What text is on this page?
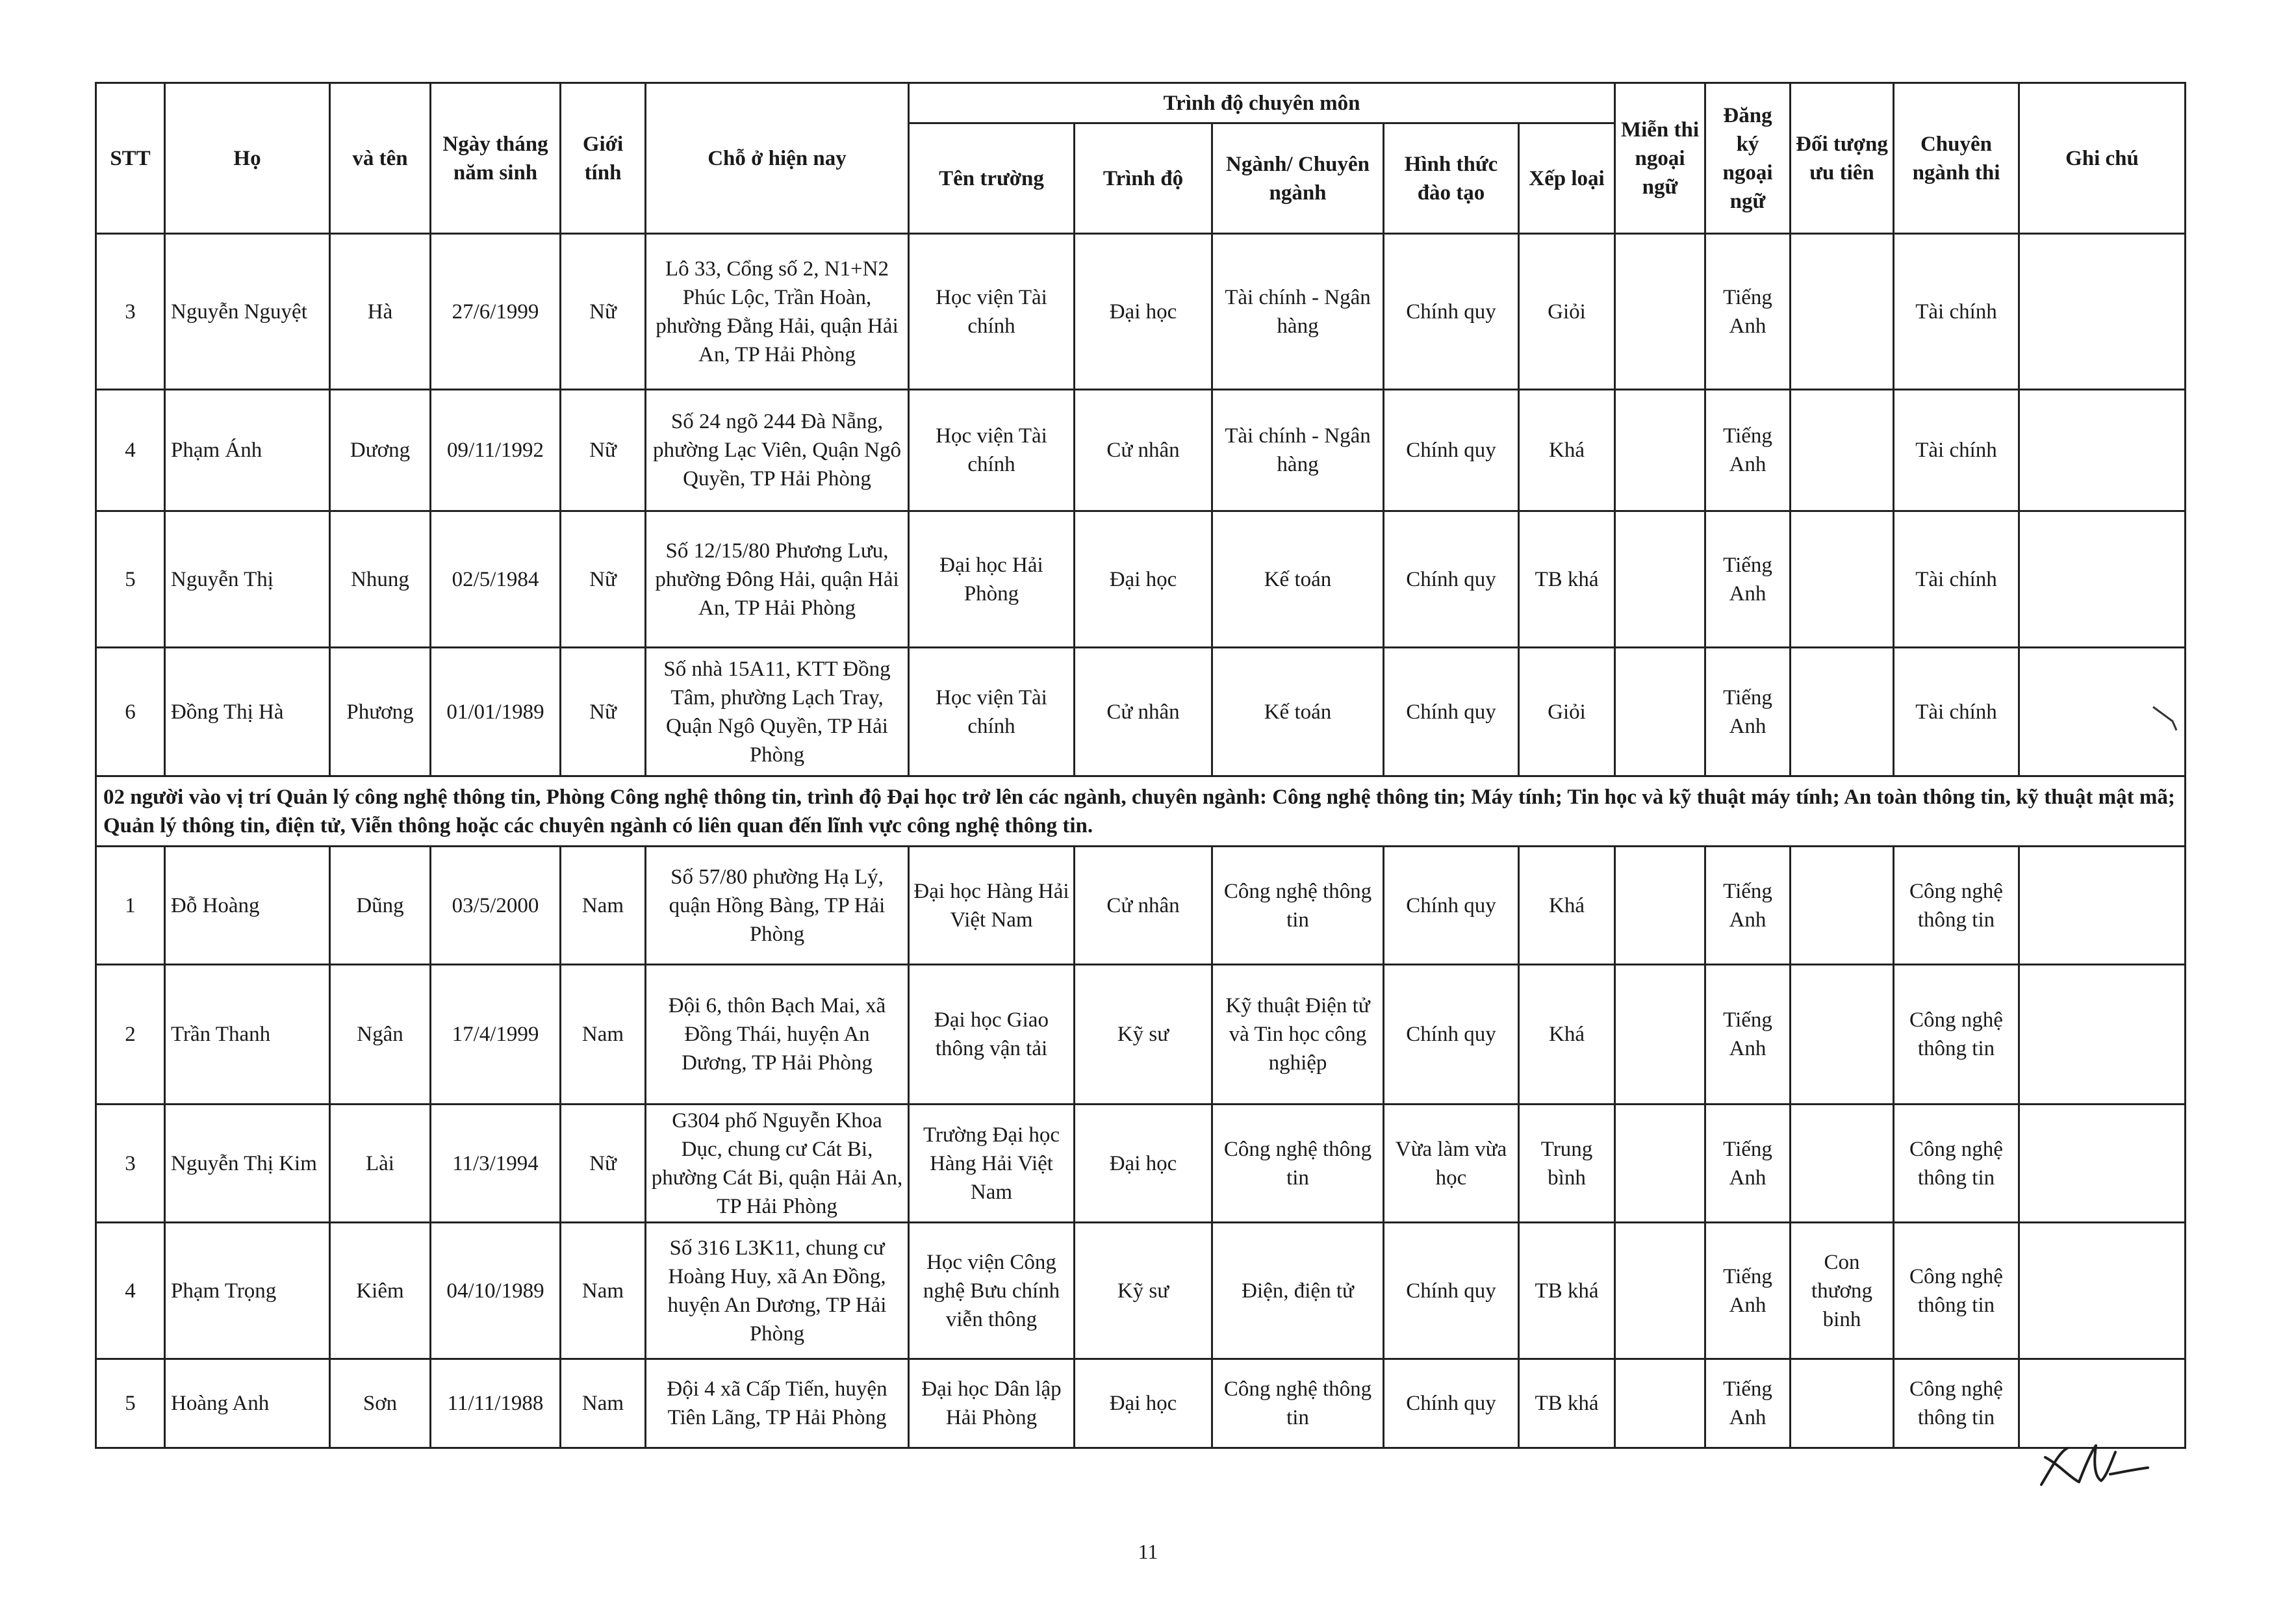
STT	Họ	và tên	Ngày tháng năm sinh	Giới tính	Chỗ ở hiện nay	Trình độ chuyên môn					Miễn thi ngoại ngữ	Đăng ký ngoại ngữ	Đối tượng ưu tiên	Chuyên ngành thi	Ghi chú
						Tên trường	Trình độ	Ngành/ Chuyên ngành	Hình thức đào tạo	Xếp loại					
3	Nguyễn Nguyệt	Hà	27/6/1999	Nữ	Lô 33, Cổng số 2, N1+N2 Phúc Lộc, Trần Hoàn, phường Đằng Hải, quận Hải An, TP Hải Phòng	Học viện Tài chính	Đại học	Tài chính - Ngân hàng	Chính quy	Giỏi		Tiếng Anh		Tài chính	
4	Phạm Ánh	Dương	09/11/1992	Nữ	Số 24 ngõ 244 Đà Nẵng, phường Lạc Viên, Quận Ngô Quyền, TP Hải Phòng	Học viện Tài chính	Cử nhân	Tài chính - Ngân hàng	Chính quy	Khá		Tiếng Anh		Tài chính	
5	Nguyễn Thị	Nhung	02/5/1984	Nữ	Số 12/15/80 Phương Lưu, phường Đông Hải, quận Hải An, TP Hải Phòng	Đại học Hải Phòng	Đại học	Kế toán	Chính quy	TB khá		Tiếng Anh		Tài chính	
6	Đồng Thị Hà	Phương	01/01/1989	Nữ	Số nhà 15A11, KTT Đồng Tâm, phường Lạch Tray, Quận Ngô Quyền, TP Hải Phòng	Học viện Tài chính	Cử nhân	Kế toán	Chính quy	Giỏi		Tiếng Anh		Tài chính	
02 người vào vị trí Quản lý công nghệ thông tin, Phòng Công nghệ thông tin, trình độ Đại học trở lên các ngành, chuyên ngành: Công nghệ thông tin; Máy tính; Tin học và kỹ thuật máy tính; An toàn thông tin, kỹ thuật mật mã; Quản lý thông tin, điện tử, Viễn thông hoặc các chuyên ngành có liên quan đến lĩnh vực công nghệ thông tin.															
1	Đỗ Hoàng	Dũng	03/5/2000	Nam	Số 57/80 phường Hạ Lý, quận Hồng Bàng, TP Hải Phòng	Đại học Hàng Hải Việt Nam	Cử nhân	Công nghệ thông tin	Chính quy	Khá		Tiếng Anh		Công nghệ thông tin	
2	Trần Thanh	Ngân	17/4/1999	Nam	Đội 6, thôn Bạch Mai, xã Đồng Thái, huyện An Dương, TP Hải Phòng	Đại học Giao thông vận tải	Kỹ sư	Kỹ thuật Điện tử và Tin học công nghiệp	Chính quy	Khá		Tiếng Anh		Công nghệ thông tin	
3	Nguyễn Thị Kim	Lài	11/3/1994	Nữ	G304 phố Nguyễn Khoa Dục, chung cư Cát Bi, phường Cát Bi, quận Hải An, TP Hải Phòng	Trường Đại học Hàng Hải Việt Nam	Đại học	Công nghệ thông tin	Vừa làm vừa học	Trung bình		Tiếng Anh		Công nghệ thông tin	
4	Phạm Trọng	Kiêm	04/10/1989	Nam	Số 316 L3K11, chung cư Hoàng Huy, xã An Đồng, huyện An Dương, TP Hải Phòng	Học viện Công nghệ Bưu chính viễn thông	Kỹ sư	Điện, điện tử	Chính quy	TB khá		Tiếng Anh	Con thương binh	Công nghệ thông tin	
5	Hoàng Anh	Sơn	11/11/1988	Nam	Đội 4 xã Cấp Tiến, huyện Tiên Lãng, TP Hải Phòng	Đại học Dân lập Hải Phòng	Đại học	Công nghệ thông tin	Chính quy	TB khá		Tiếng Anh		Công nghệ thông tin	
11
